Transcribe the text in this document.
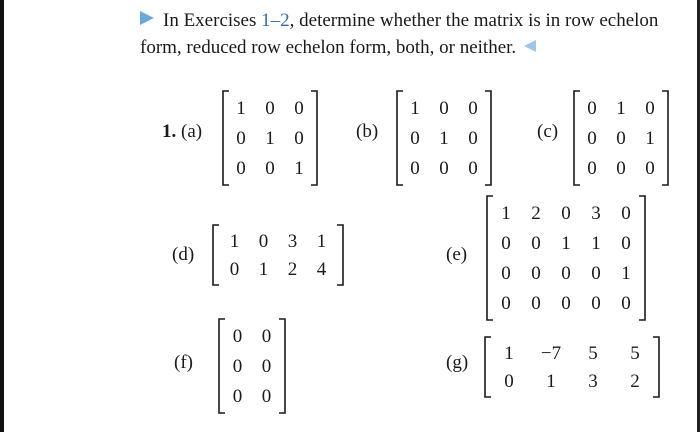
In Exercises 1–2, determine whether the matrix is in row echelon form, reduced row echelon form, both, or neither.
1. (a)	(b)	(c)
(d)	(e)
(f)	(g)
1	0	0
0	1	0
0	0	1
1	0	0
0	1	0
0	0	0
0	1	0
0	0	1
0	0	0
1	0	3	1
0	1	2	4
1	2	0	3	0
0	0	1	1	0
0	0	0	0	1
0	0	0	0	0
0	0
0	0
0	0
1	−7	5	5
0	1	3	2
